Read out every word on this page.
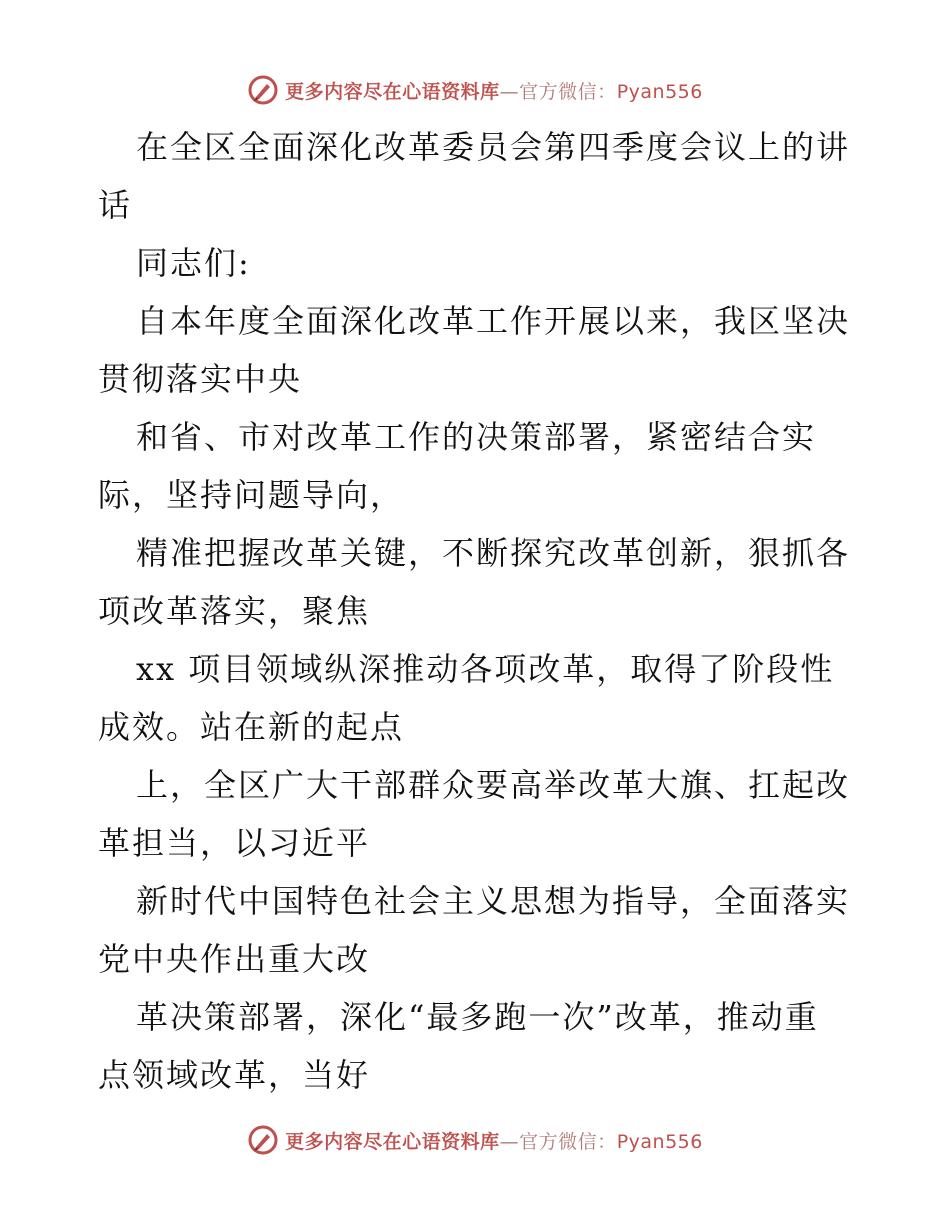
更多内容尽在心语资料库—官方微信：Pyan556
在全区全面深化改革委员会第四季度会议上的讲
话
同志们:
自本年度全面深化改革工作开展以来，我区坚决
贯彻落实中央
和省、市对改革工作的决策部署，紧密结合实
际，坚持问题导向，
精准把握改革关键，不断探究改革创新，狠抓各
项改革落实，聚焦
xx 项目领域纵深推动各项改革，取得了阶段性
成效。站在新的起点
上，全区广大干部群众要高举改革大旗、扛起改
革担当，以习近平
新时代中国特色社会主义思想为指导，全面落实
党中央作出重大改
革决策部署，深化“最多跑一次”改革，推动重
点领域改革，当好
更多内容尽在心语资料库—官方微信：Pyan556
